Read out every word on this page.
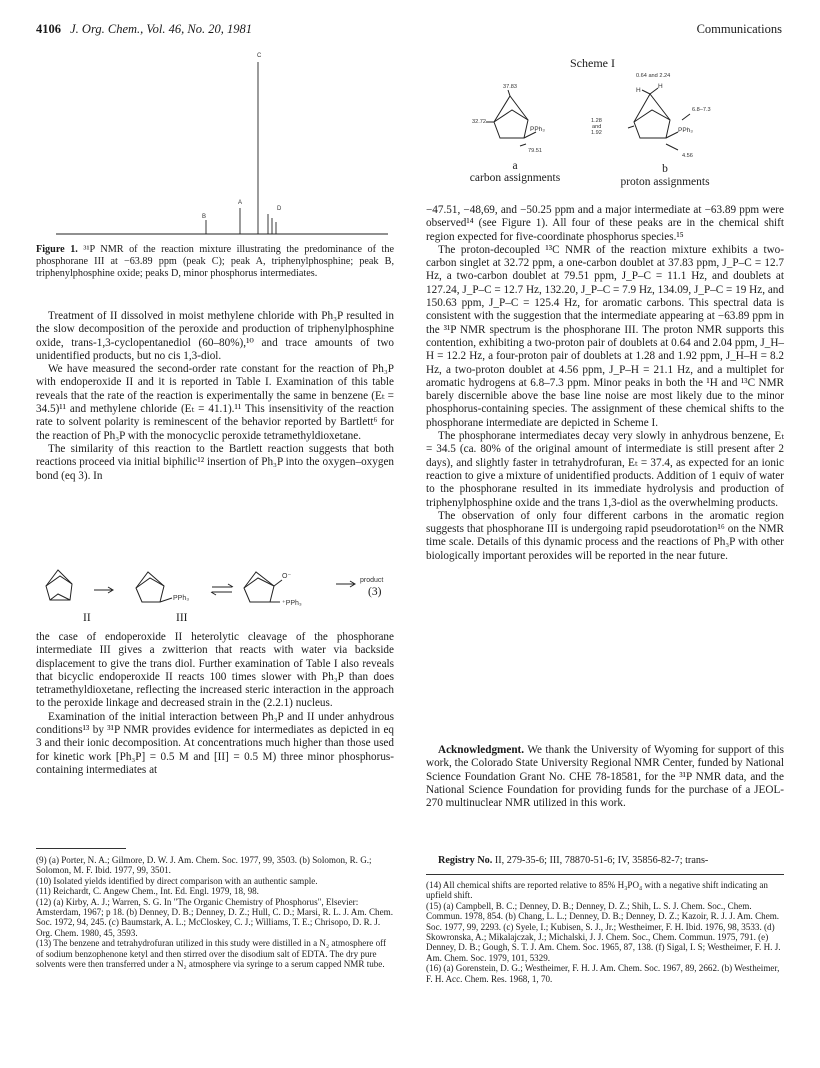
4106 J. Org. Chem., Vol. 46, No. 20, 1981	Communications
C
A
D
B
Figure 1. ³¹P NMR of the reaction mixture illustrating the predominance of the phosphorane III at −63.89 ppm (peak C); peak A, triphenylphosphine; peak B, triphenylphosphine oxide; peaks D, minor phosphorus intermediates.

Treatment of II dissolved in moist methylene chloride with Ph₃P resulted in the slow decomposition of the peroxide and production of triphenylphosphine oxide, trans-1,3-cyclopentanediol (60–80%),¹⁰ and trace amounts of two unidentified products, but no cis 1,3-diol.

We have measured the second-order rate constant for the reaction of Ph₃P with endoperoxide II and it is reported in Table I. Examination of this table reveals that the rate of the reaction is experimentally the same in benzene (Eₜ = 34.5)¹¹ and methylene chloride (Eₜ = 41.1).¹¹ This insensitivity of the reaction rate to solvent polarity is reminescent of the behavior reported by Bartlett⁶ for the reaction of Ph₃P with the monocyclic peroxide tetramethyldioxetane.

The similarity of this reaction to the Bartlett reaction suggests that both reactions proceed via initial biphilic¹² insertion of Ph₃P into the oxygen–oxygen bond (eq 3). In

PPh₃
O⁻
⁺PPh₃
product
(3)
II	III

the case of endoperoxide II heterolytic cleavage of the phosphorane intermediate III gives a zwitterion that reacts with water via backside displacement to give the trans diol. Further examination of Table I also reveals that bicyclic endoperoxide II reacts 100 times slower with Ph₃P than does tetramethyldioxetane, reflecting the increased steric interaction in the approach to the peroxide linkage and decreased strain in the (2.2.1) nucleus.

Examination of the initial interaction between Ph₃P and II under anhydrous conditions¹³ by ³¹P NMR provides evidence for intermediates as depicted in eq 3 and their ionic decomposition. At concentrations much higher than those used for kinetic work [Ph₃P] = 0.5 M and [II] = 0.5 M) three minor phosphorus-containing intermediates at

(9) (a) Porter, N. A.; Gilmore, D. W. J. Am. Chem. Soc. 1977, 99, 3503. (b) Solomon, R. G.; Solomon, M. F. Ibid. 1977, 99, 3501.

(10) Isolated yields identified by direct comparison with an authentic sample.

(11) Reichardt, C. Angew Chem., Int. Ed. Engl. 1979, 18, 98.

(12) (a) Kirby, A. J.; Warren, S. G. In "The Organic Chemistry of Phosphorus", Elsevier: Amsterdam, 1967; p 18. (b) Denney, D. B.; Denney, D. Z.; Hull, C. D.; Marsi, R. L. J. Am. Chem. Soc. 1972, 94, 245. (c) Baumstark, A. L.; McCloskey, C. J.; Williams, T. E.; Chrisopo, D. R. J. Org. Chem. 1980, 45, 3593.

(13) The benzene and tetrahydrofuran utilized in this study were distilled in a N₂ atmosphere off of sodium benzophenone ketyl and then stirred over the disodium salt of EDTA. The dry pure solvents were then transferred under a N₂ atmosphere via syringe to a serum capped NMR tube.

Scheme I
PPh₃
37.83
32.72
79.51
a
carbon assignments
H
H
PPh₃
0.64 and 2.24
1.28
and
1.92
6.8–7.3
4.56
b
proton assignments

−47.51, −48,69, and −50.25 ppm and a major intermediate at −63.89 ppm were observed¹⁴ (see Figure 1). All four of these peaks are in the chemical shift region expected for five-coordinate phosphorus species.¹⁵

The proton-decoupled ¹³C NMR of the reaction mixture exhibits a two-carbon singlet at 32.72 ppm, a one-carbon doublet at 37.83 ppm, J_P–C = 12.7 Hz, a two-carbon doublet at 79.51 ppm, J_P–C = 11.1 Hz, and doublets at 127.24, J_P–C = 12.7 Hz, 132.20, J_P–C = 7.9 Hz, 134.09, J_P–C = 19 Hz, and 150.63 ppm, J_P–C = 125.4 Hz, for aromatic carbons. This spectral data is consistent with the suggestion that the intermediate appearing at −63.89 ppm in the ³¹P NMR spectrum is the phosphorane III. The proton NMR supports this contention, exhibiting a two-proton pair of doublets at 0.64 and 2.04 ppm, J_H–H = 12.2 Hz, a four-proton pair of doublets at 1.28 and 1.92 ppm, J_H–H = 8.2 Hz, a two-proton doublet at 4.56 ppm, J_P–H = 21.1 Hz, and a multiplet for aromatic hydrogens at 6.8–7.3 ppm. Minor peaks in both the ¹H and ¹³C NMR barely discernible above the base line noise are most likely due to the minor phosphorus-containing species. The assignment of these chemical shifts to the phosphorane intermediate are depicted in Scheme I.

The phosphorane intermediates decay very slowly in anhydrous benzene, Eₜ = 34.5 (ca. 80% of the original amount of intermediate is still present after 2 days), and slightly faster in tetrahydrofuran, Eₜ = 37.4, as expected for an ionic reaction to give a mixture of unidentified products. Addition of 1 equiv of water to the phosphorane resulted in its immediate hydrolysis and production of triphenylphosphine oxide and the trans 1,3-diol as the overwhelming products.

The observation of only four different carbons in the aromatic region suggests that phosphorane III is undergoing rapid pseudorotation¹⁶ on the NMR time scale. Details of this dynamic process and the reactions of Ph₃P with other biologically important peroxides will be reported in the near future.

Acknowledgment. We thank the University of Wyoming for support of this work, the Colorado State University Regional NMR Center, funded by National Science Foundation Grant No. CHE 78-18581, for the ³¹P NMR data, and the National Science Foundation for providing funds for the purchase of a JEOL-270 multinuclear NMR utilized in this work.
Registry No. II, 279-35-6; III, 78870-51-6; IV, 35856-82-7; trans-

(14) All chemical shifts are reported relative to 85% H₃PO₄ with a negative shift indicating an upfield shift.

(15) (a) Campbell, B. C.; Denney, D. B.; Denney, D. Z.; Shih, L. S. J. Chem. Soc., Chem. Commun. 1978, 854. (b) Chang, L. L.; Denney, D. B.; Denney, D. Z.; Kazoir, R. J. J. Am. Chem. Soc. 1977, 99, 2293. (c) Syele, I.; Kubisen, S. J., Jr.; Westheimer, F. H. Ibid. 1976, 98, 3533. (d) Skowronska, A.; Mikalajczak, J.; Michalski, J. J. Chem. Soc., Chem. Commun. 1975, 791. (e) Denney, D. B.; Gough, S. T. J. Am. Chem. Soc. 1965, 87, 138. (f) Sigal, I. S; Westheimer, F. H. J. Am. Chem. Soc. 1979, 101, 5329.

(16) (a) Gorenstein, D. G.; Westheimer, F. H. J. Am. Chem. Soc. 1967, 89, 2662. (b) Westheimer, F. H. Acc. Chem. Res. 1968, 1, 70.
